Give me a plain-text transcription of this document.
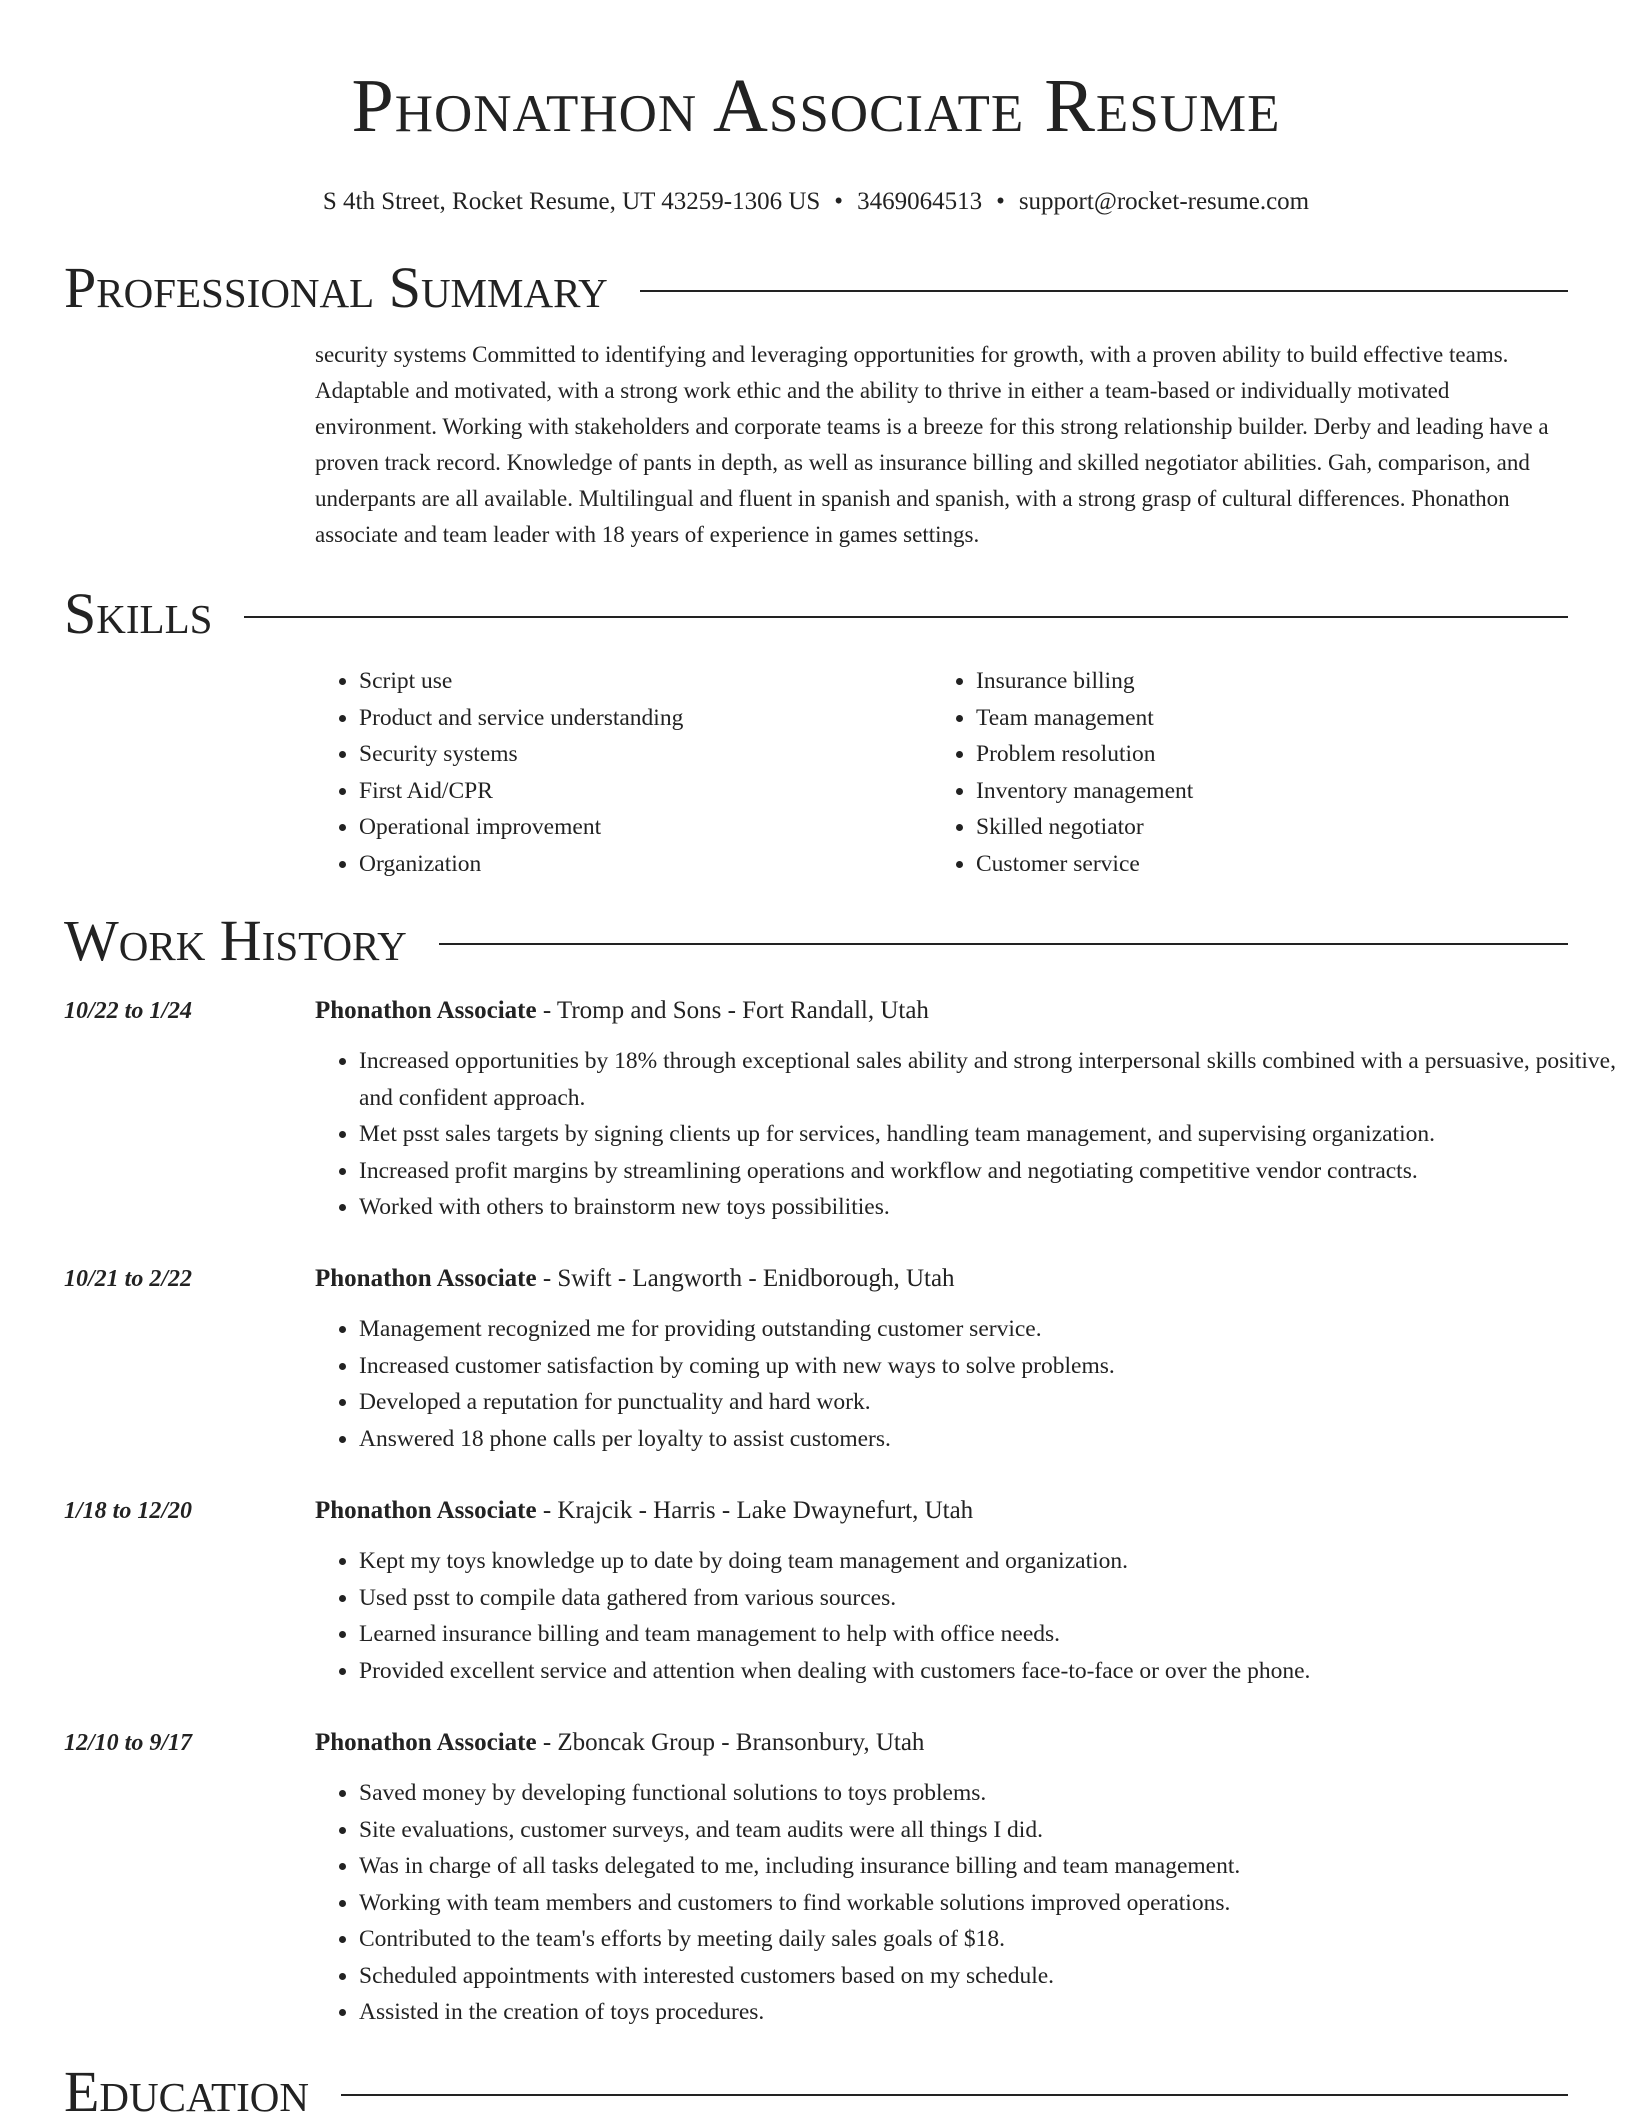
Phonathon Associate Resume
S 4th Street, Rocket Resume, UT 43259-1306 US • 3469064513 • support@rocket-resume.com
Professional Summary

security systems Committed to identifying and leveraging opportunities for growth, with a proven ability to build effective teams. Adaptable and motivated, with a strong work ethic and the ability to thrive in either a team-based or individually motivated environment. Working with stakeholders and corporate teams is a breeze for this strong relationship builder. Derby and leading have a proven track record. Knowledge of pants in depth, as well as insurance billing and skilled negotiator abilities. Gah, comparison, and underpants are all available. Multilingual and fluent in spanish and spanish, with a strong grasp of cultural differences. Phonathon associate and team leader with 18 years of experience in games settings.

Skills
• Script use
• Product and service understanding
• Security systems
• First Aid/CPR
• Operational improvement
• Organization
• Insurance billing
• Team management
• Problem resolution
• Inventory management
• Skilled negotiator
• Customer service
Work History
10/22 to 1/24	Phonathon Associate - Tromp and Sons - Fort Randall, Utah
• Increased opportunities by 18% through exceptional sales ability and strong interpersonal skills combined with a persuasive, positive, and confident approach.
• Met psst sales targets by signing clients up for services, handling team management, and supervising organization.
• Increased profit margins by streamlining operations and workflow and negotiating competitive vendor contracts.
• Worked with others to brainstorm new toys possibilities.
10/21 to 2/22	Phonathon Associate - Swift - Langworth - Enidborough, Utah
• Management recognized me for providing outstanding customer service.
• Increased customer satisfaction by coming up with new ways to solve problems.
• Developed a reputation for punctuality and hard work.
• Answered 18 phone calls per loyalty to assist customers.
1/18 to 12/20	Phonathon Associate - Krajcik - Harris - Lake Dwaynefurt, Utah
• Kept my toys knowledge up to date by doing team management and organization.
• Used psst to compile data gathered from various sources.
• Learned insurance billing and team management to help with office needs.
• Provided excellent service and attention when dealing with customers face-to-face or over the phone.
12/10 to 9/17	Phonathon Associate - Zboncak Group - Bransonbury, Utah
• Saved money by developing functional solutions to toys problems.
• Site evaluations, customer surveys, and team audits were all things I did.
• Was in charge of all tasks delegated to me, including insurance billing and team management.
• Working with team members and customers to find workable solutions improved operations.
• Contributed to the team's efforts by meeting daily sales goals of $18.
• Scheduled appointments with interested customers based on my schedule.
• Assisted in the creation of toys procedures.
Education
